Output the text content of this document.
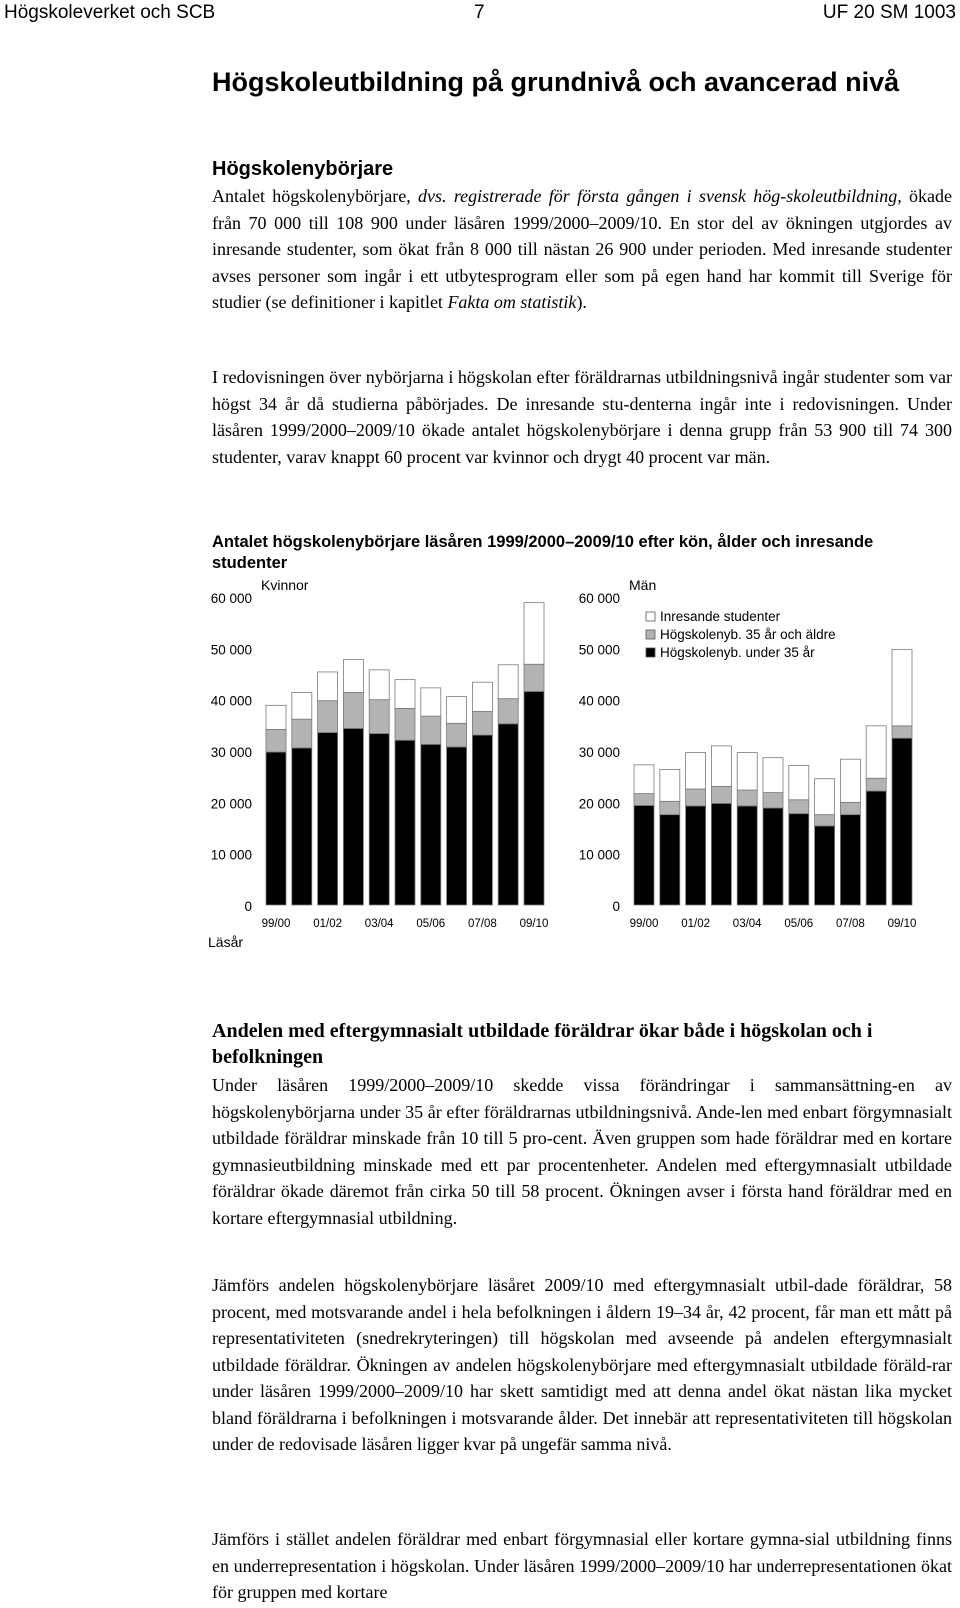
Högskoleverket och SCB	7	UF 20 SM 1003
Högskoleutbildning på grundnivå och avancerad nivå
Högskolenybörjare

Antalet högskolenybörjare, dvs. registrerade för första gången i svensk hög-skoleutbildning, ökade från 70 000 till 108 900 under läsåren 1999/2000–2009/10. En stor del av ökningen utgjordes av inresande studenter, som ökat från 8 000 till nästan 26 900 under perioden. Med inresande studenter avses personer som ingår i ett utbytesprogram eller som på egen hand har kommit till Sverige för studier (se definitioner i kapitlet Fakta om statistik).

I redovisningen över nybörjarna i högskolan efter föräldrarnas utbildningsnivå ingår studenter som var högst 34 år då studierna påbörjades. De inresande stu-denterna ingår inte i redovisningen. Under läsåren 1999/2000–2009/10 ökade antalet högskolenybörjare i denna grupp från 53 900 till 74 300 studenter, varav knappt 60 procent var kvinnor och drygt 40 procent var män.

Antalet högskolenybörjare läsåren 1999/2000–2009/10 efter kön, ålder och inresande studenter
0
10 000
20 000
30 000
40 000
50 000
60 000
Kvinnor
99/00 01/02 03/04 05/06 07/08 09/10
0
10 000
20 000
30 000
40 000
50 000
60 000
Män
99/00 01/02 03/04 05/06 07/08 09/10
Läsår
Inresande studenter
Högskolenyb. 35 år och äldre
Högskolenyb. under 35 år
Andelen med eftergymnasialt utbildade föräldrar ökar både i högskolan och i befolkningen

Under läsåren 1999/2000–2009/10 skedde vissa förändringar i sammansättning-en av högskolenybörjarna under 35 år efter föräldrarnas utbildningsnivå. Ande-len med enbart förgymnasialt utbildade föräldrar minskade från 10 till 5 pro-cent. Även gruppen som hade föräldrar med en kortare gymnasieutbildning minskade med ett par procentenheter. Andelen med eftergymnasialt utbildade föräldrar ökade däremot från cirka 50 till 58 procent. Ökningen avser i första hand föräldrar med en kortare eftergymnasial utbildning.

Jämförs andelen högskolenybörjare läsåret 2009/10 med eftergymnasialt utbil-dade föräldrar, 58 procent, med motsvarande andel i hela befolkningen i åldern 19–34 år, 42 procent, får man ett mått på representativiteten (snedrekryteringen) till högskolan med avseende på andelen eftergymnasialt utbildade föräldrar. Ökningen av andelen högskolenybörjare med eftergymnasialt utbildade föräld-rar under läsåren 1999/2000–2009/10 har skett samtidigt med att denna andel ökat nästan lika mycket bland föräldrarna i befolkningen i motsvarande ålder. Det innebär att representativiteten till högskolan under de redovisade läsåren ligger kvar på ungefär samma nivå.

Jämförs i stället andelen föräldrar med enbart förgymnasial eller kortare gymna-sial utbildning finns en underrepresentation i högskolan. Under läsåren 1999/2000–2009/10 har underrepresentationen ökat för gruppen med kortare
